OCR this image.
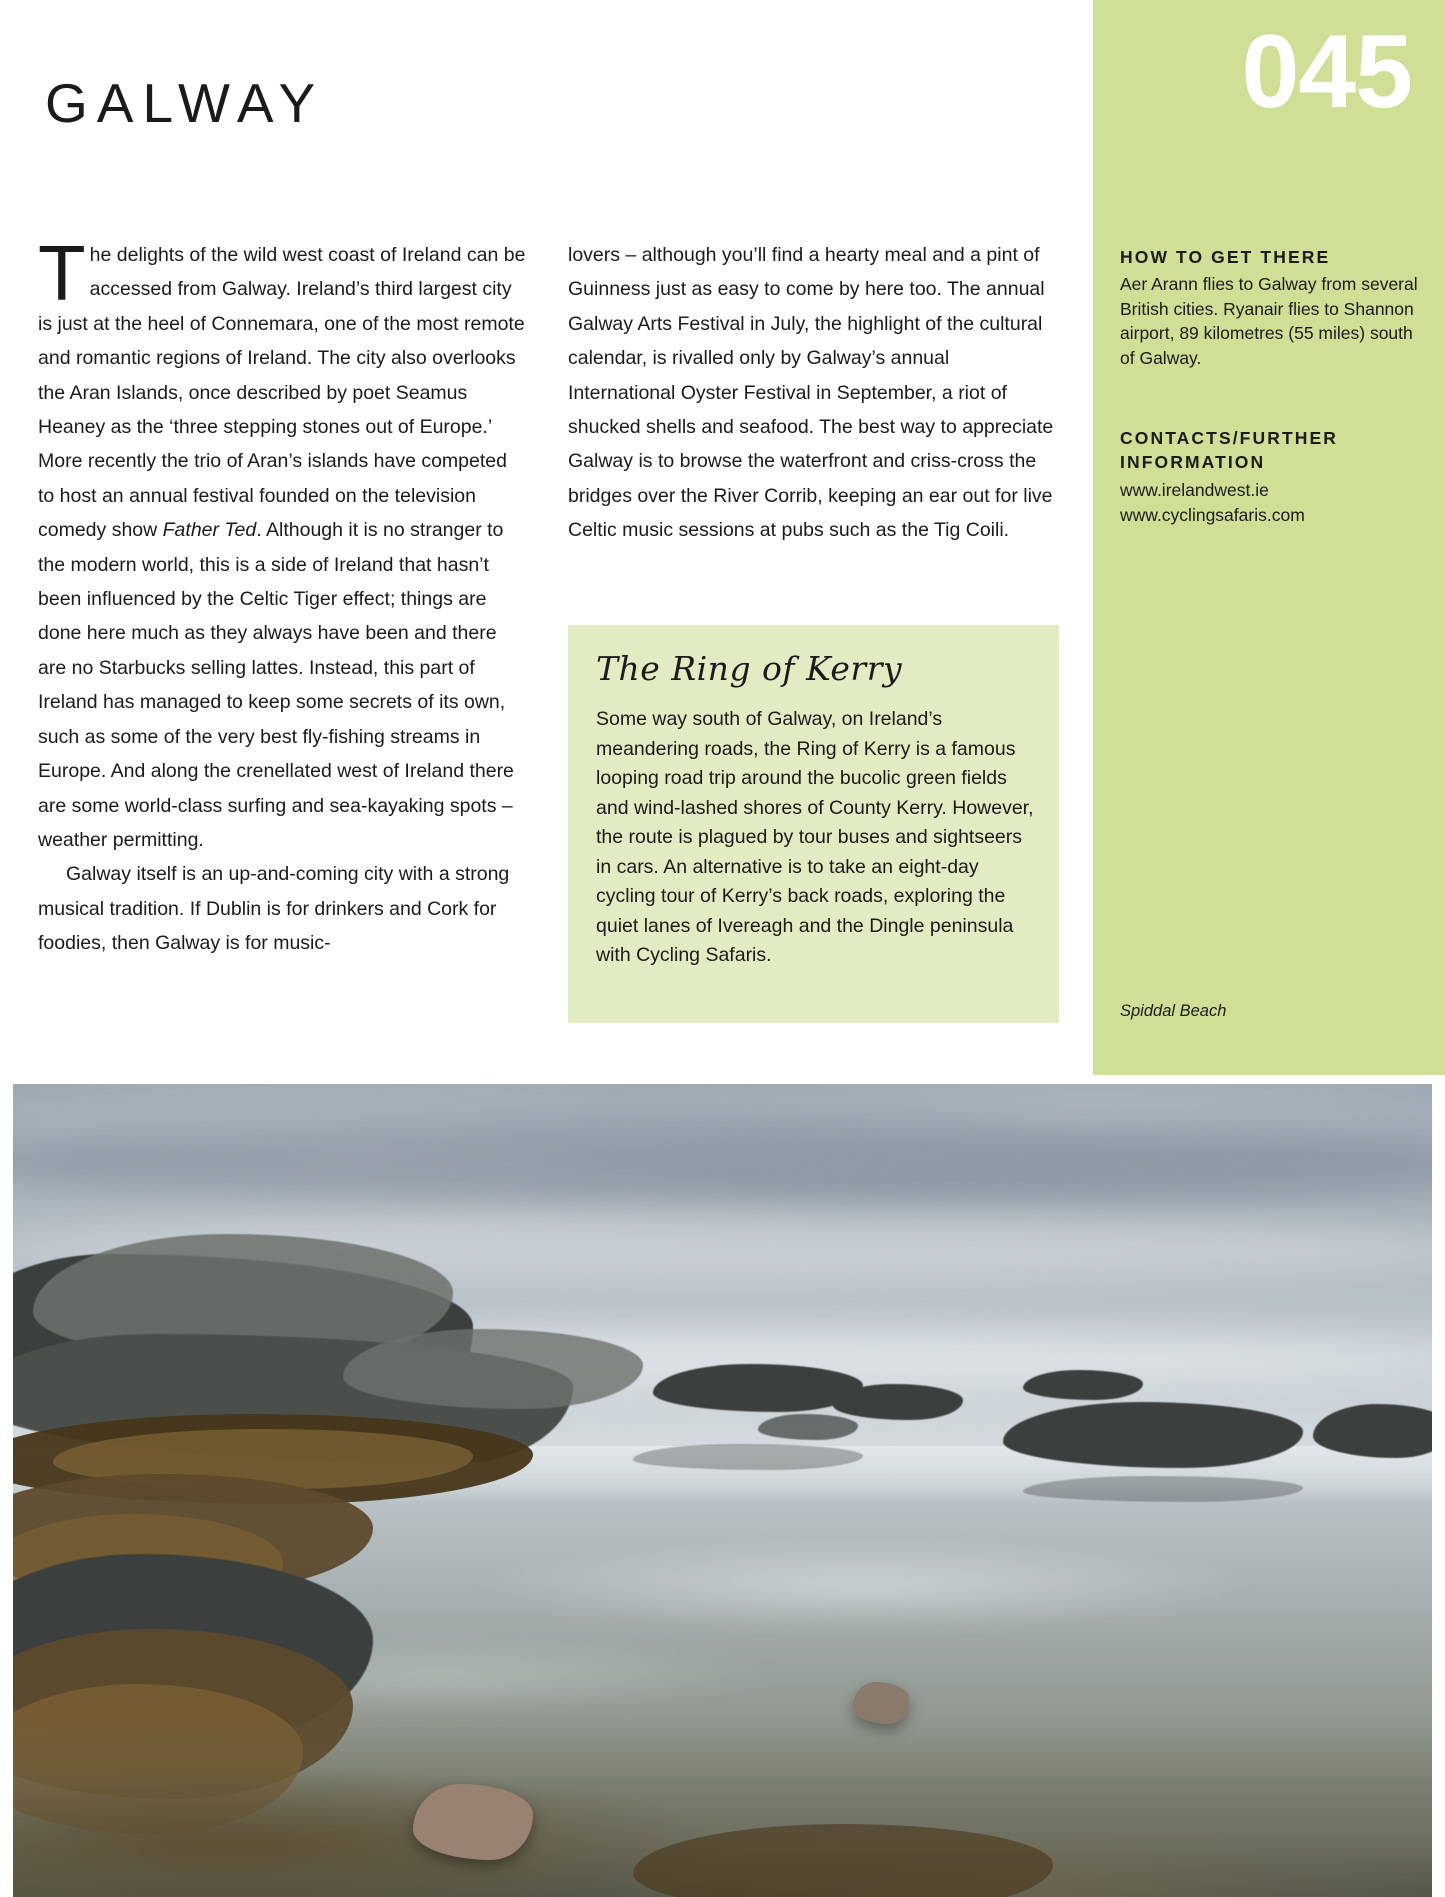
045
HOW TO GET THERE
Aer Arann flies to Galway from several British cities. Ryanair flies to Shannon airport, 89 kilometres (55 miles) south of Galway.
CONTACTS/FURTHER INFORMATION
www.irelandwest.ie
www.cyclingsafaris.com
Spiddal Beach
GALWAY

The delights of the wild west coast of Ireland can be accessed from Galway. Ireland’s third largest city is just at the heel of Connemara, one of the most remote and romantic regions of Ireland. The city also overlooks the Aran Islands, once described by poet Seamus Heaney as the ‘three stepping stones out of Europe.’ More recently the trio of Aran’s islands have competed to host an annual festival founded on the television comedy show Father Ted. Although it is no stranger to the modern world, this is a side of Ireland that hasn’t been influenced by the Celtic Tiger effect; things are done here much as they always have been and there are no Starbucks selling lattes. Instead, this part of Ireland has managed to keep some secrets of its own, such as some of the very best fly-fishing streams in Europe. And along the crenellated west of Ireland there are some world-class surfing and sea-kayaking spots – weather permitting.

Galway itself is an up-and-coming city with a strong musical tradition. If Dublin is for drinkers and Cork for foodies, then Galway is for music-

lovers – although you’ll find a hearty meal and a pint of Guinness just as easy to come by here too. The annual Galway Arts Festival in July, the highlight of the cultural calendar, is rivalled only by Galway’s annual International Oyster Festival in September, a riot of shucked shells and seafood. The best way to appreciate Galway is to browse the waterfront and criss-cross the bridges over the River Corrib, keeping an ear out for live Celtic music sessions at pubs such as the Tig Coili.

The Ring of Kerry
Some way south of Galway, on Ireland’s meandering roads, the Ring of Kerry is a famous looping road trip around the bucolic green fields and wind-lashed shores of County Kerry. However, the route is plagued by tour buses and sightseers in cars. An alternative is to take an eight-day cycling tour of Kerry’s back roads, exploring the quiet lanes of Ivereagh and the Dingle peninsula with Cycling Safaris.
